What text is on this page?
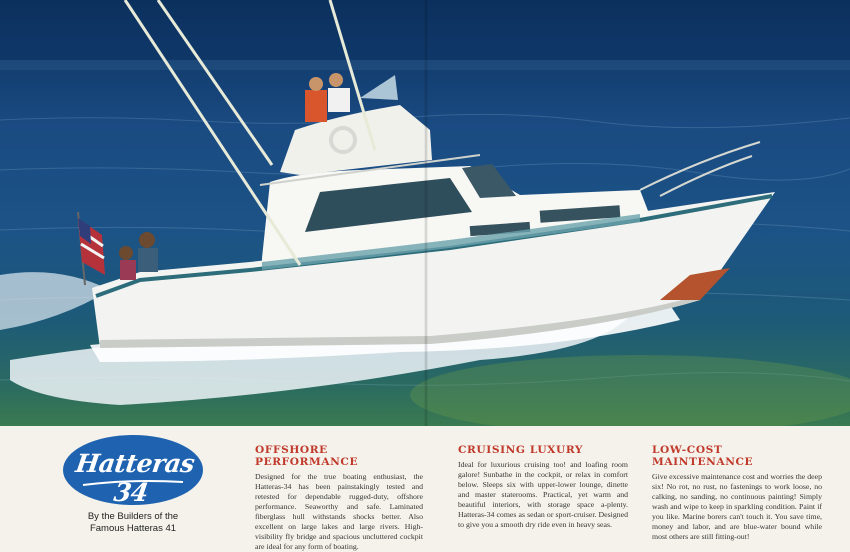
Hatteras 34
By the Builders of the
Famous Hatteras 41
OFFSHORE PERFORMANCE

Designed for the true boating enthusiast, the Hatteras-34 has been painstakingly tested and retested for dependable rugged-duty, offshore performance. Seaworthy and safe. Laminated fiberglass hull withstands shocks better. Also excellent on large lakes and large rivers. High-visibility fly bridge and spacious uncluttered cockpit are ideal for any form of boating.

CRUISING LUXURY

Ideal for luxurious cruising too! and loafing room galore! Sunbathe in the cockpit, or relax in comfort below. Sleeps six with upper-lower lounge, dinette and master staterooms. Practical, yet warm and beautiful interiors, with storage space a-plenty. Hatteras-34 comes as sedan or sport-cruiser. Designed to give you a smooth dry ride even in heavy seas.

LOW-COST MAINTENANCE

Give excessive maintenance cost and worries the deep six! No rot, no rust, no fastenings to work loose, no calking, no sanding, no continuous painting! Simply wash and wipe to keep in sparkling condition. Paint if you like. Marine borers can't touch it. You save time, money and labor, and are blue-water bound while most others are still fitting-out!
